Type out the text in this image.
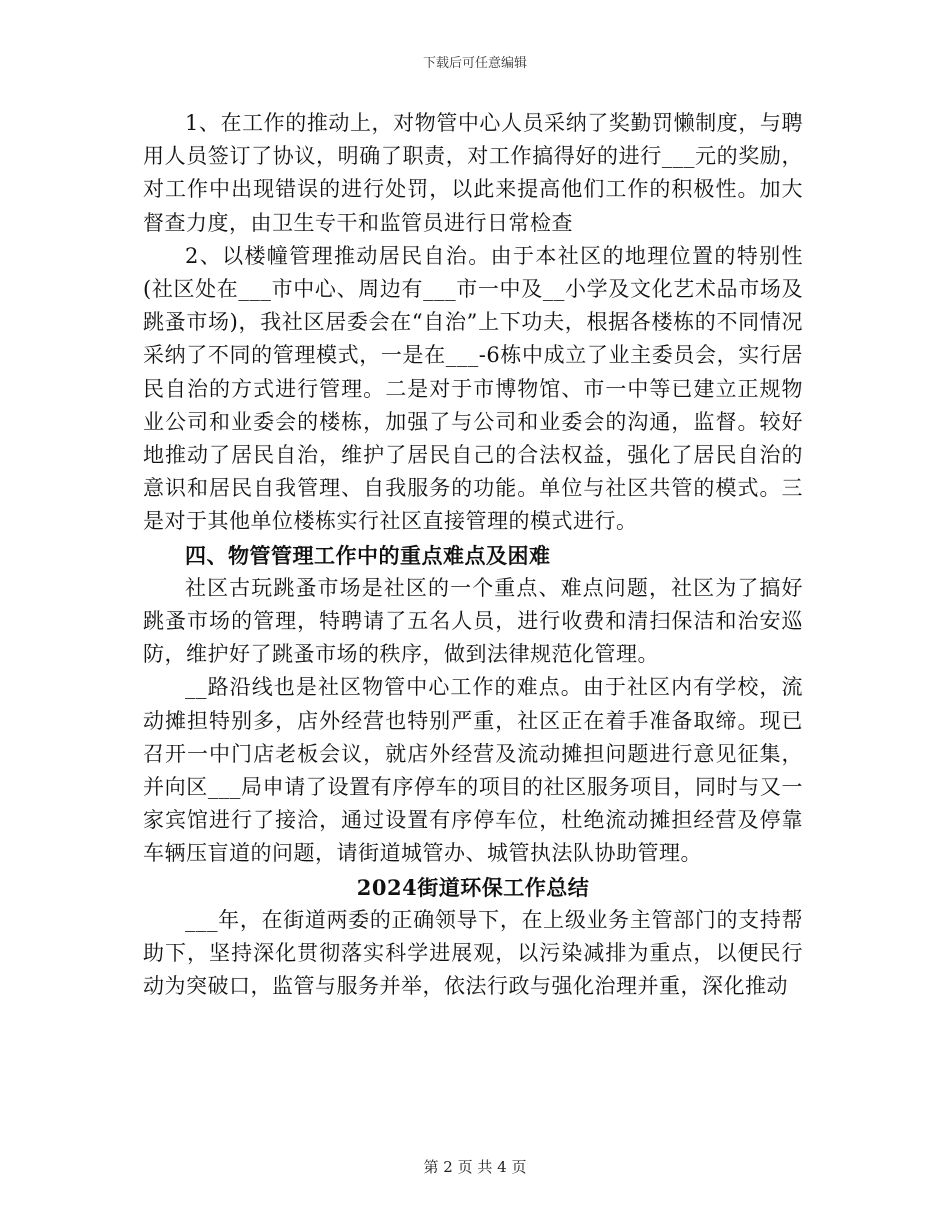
下载后可任意编辑

1、在工作的推动上，对物管中心人员采纳了奖勤罚懒制度，与聘用人员签订了协议，明确了职责，对工作搞得好的进行___元的奖励，对工作中出现错误的进行处罚，以此来提高他们工作的积极性。加大督查力度，由卫生专干和监管员进行日常检查

2、以楼幢管理推动居民自治。由于本社区的地理位置的特别性(社区处在___市中心、周边有___市一中及__小学及文化艺术品市场及跳蚤市场)，我社区居委会在“自治”上下功夫，根据各楼栋的不同情况采纳了不同的管理模式，一是在___-6栋中成立了业主委员会，实行居民自治的方式进行管理。二是对于市博物馆、市一中等已建立正规物业公司和业委会的楼栋，加强了与公司和业委会的沟通，监督。较好地推动了居民自治，维护了居民自己的合法权益，强化了居民自治的意识和居民自我管理、自我服务的功能。单位与社区共管的模式。三是对于其他单位楼栋实行社区直接管理的模式进行。

四、物管管理工作中的重点难点及困难

社区古玩跳蚤市场是社区的一个重点、难点问题，社区为了搞好跳蚤市场的管理，特聘请了五名人员，进行收费和清扫保洁和治安巡防，维护好了跳蚤市场的秩序，做到法律规范化管理。

__路沿线也是社区物管中心工作的难点。由于社区内有学校，流动摊担特别多，店外经营也特别严重，社区正在着手准备取缔。现已召开一中门店老板会议，就店外经营及流动摊担问题进行意见征集，并向区___局申请了设置有序停车的项目的社区服务项目，同时与又一家宾馆进行了接洽，通过设置有序停车位，杜绝流动摊担经营及停靠车辆压盲道的问题，请街道城管办、城管执法队协助管理。

2024街道环保工作总结

___年，在街道两委的正确领导下，在上级业务主管部门的支持帮助下，坚持深化贯彻落实科学进展观，以污染减排为重点，以便民行动为突破口，监管与服务并举，依法行政与强化治理并重，深化推动

第 2 页 共 4 页
